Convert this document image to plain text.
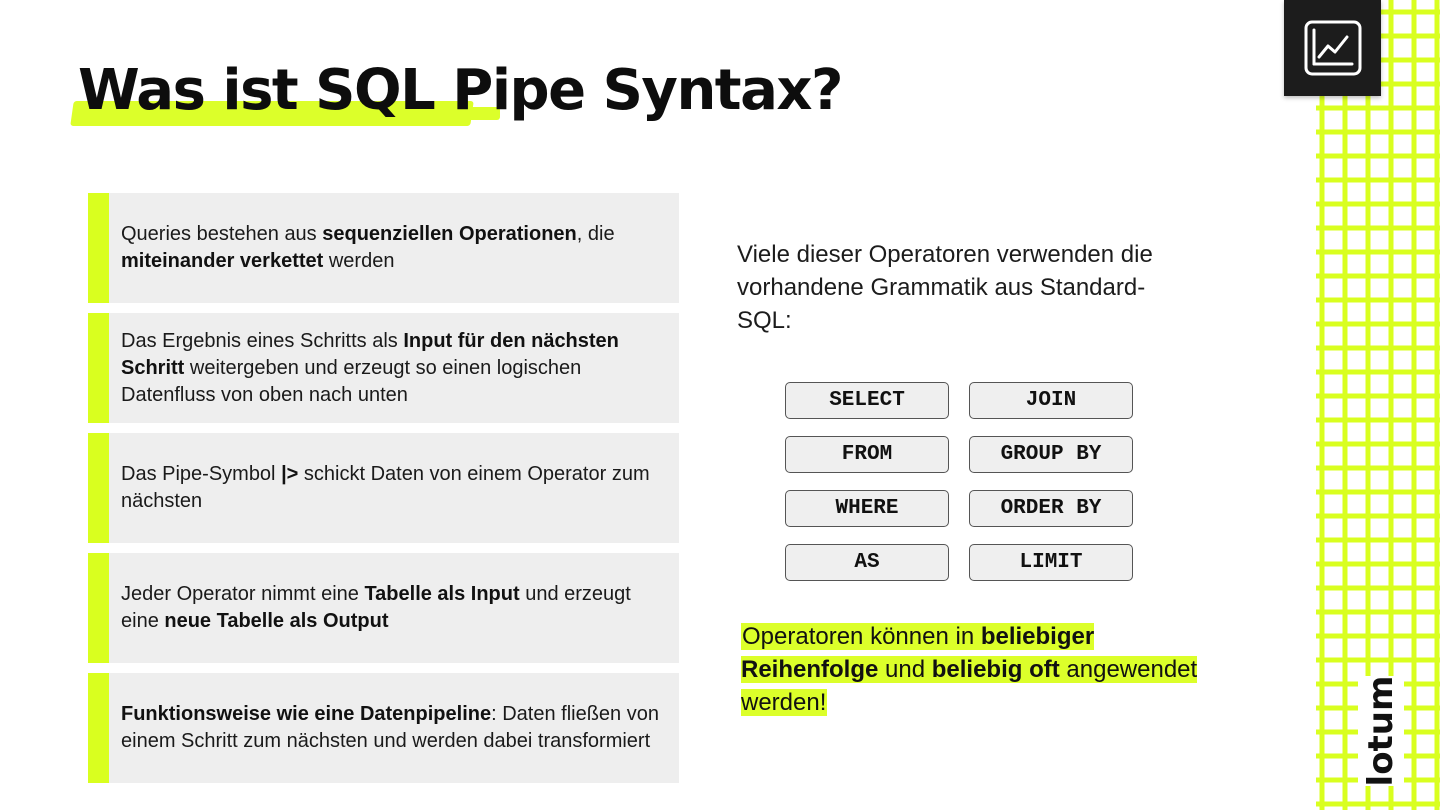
Was ist SQL Pipe Syntax?
Queries bestehen aus sequenziellen Operationen, die miteinander verkettet werden
Das Ergebnis eines Schritts als Input für den nächsten Schritt weitergeben und erzeugt so einen logischen Datenfluss von oben nach unten
Das Pipe-Symbol |> schickt Daten von einem Operator zum nächsten
Jeder Operator nimmt eine Tabelle als Input und erzeugt eine neue Tabelle als Output
Funktionsweise wie eine Datenpipeline: Daten fließen von einem Schritt zum nächsten und werden dabei transformiert
Viele dieser Operatoren verwenden die vorhandene Grammatik aus Standard-SQL:
SELECT	JOIN
FROM	GROUP BY
WHERE	ORDER BY
AS	LIMIT
Operatoren können in beliebiger Reihenfolge und beliebig oft angewendet werden!	lotum
